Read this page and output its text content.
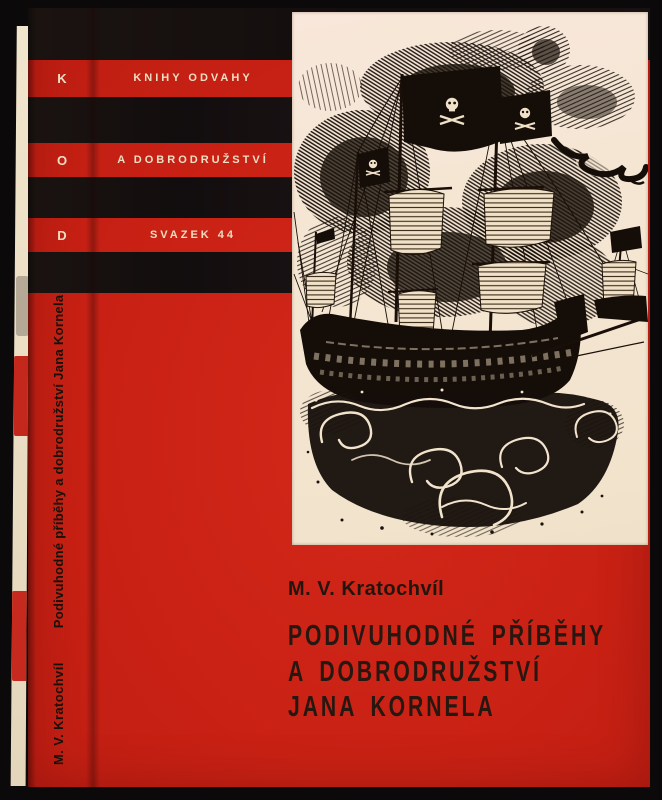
K
O
D
KNIHY ODVAHY
A DOBRODRUŽSTVÍ
SVAZEK 44
M. V. Kratochvíl
Podivuhodné příběhy a dobrodružství Jana Kornela	M. V. Kratochvíl
PODIVUHODNÉ PŘÍBĚHY
A DOBRODRUŽSTVÍ
JANA KORNELA
